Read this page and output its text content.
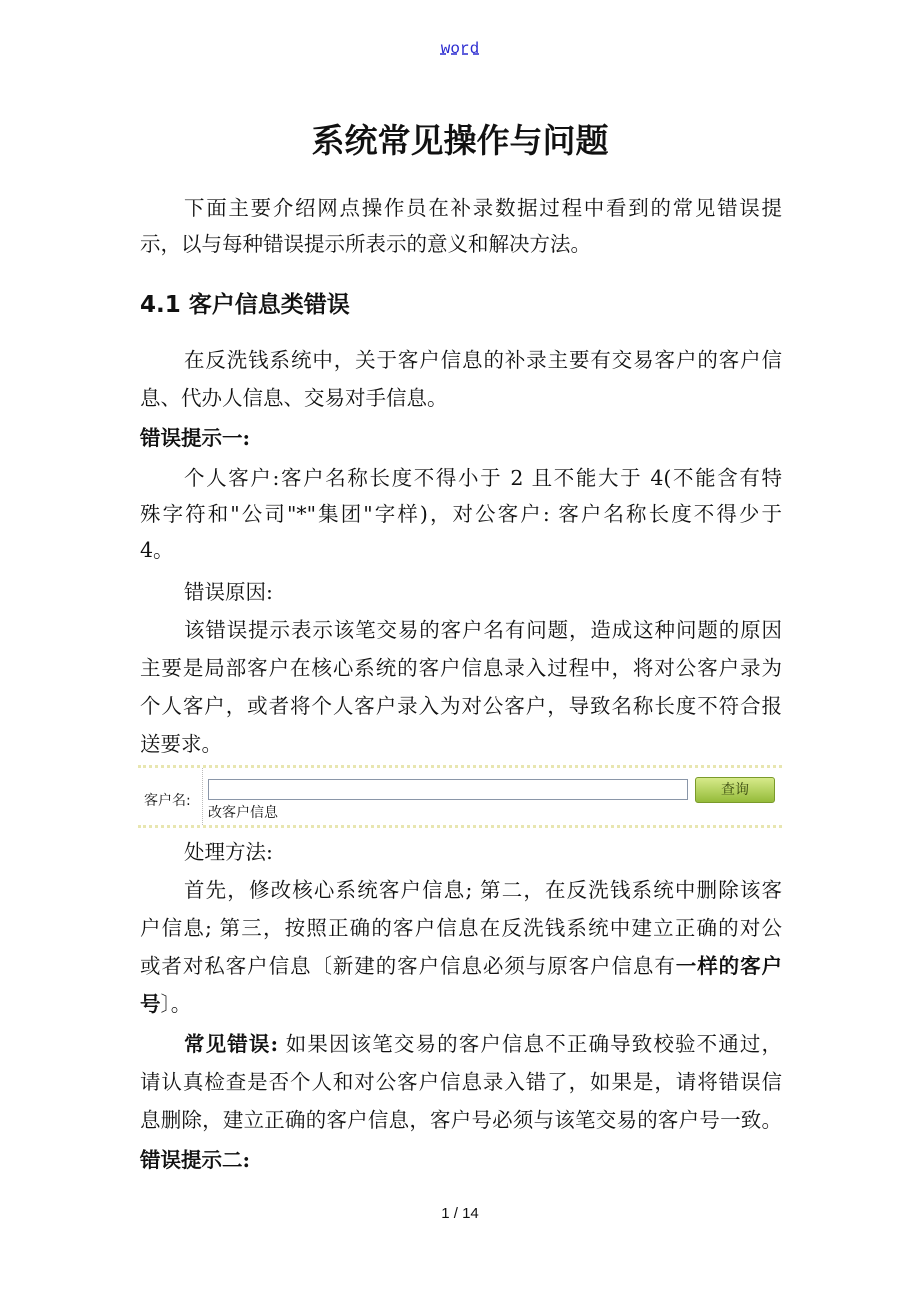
word
系统常见操作与问题
下面主要介绍网点操作员在补录数据过程中看到的常见错误提
示，以与每种错误提示所表示的意义和解决方法。
4.1 客户信息类错误
在反洗钱系统中，关于客户信息的补录主要有交易客户的客户信
息、代办人信息、交易对手信息。
错误提示一:
个人客户:客户名称长度不得小于 2 且不能大于 4(不能含有特
殊字符和"公司"*"集团"字样)，对公客户: 客户名称长度不得少于
4。
错误原因:
该错误提示表示该笔交易的客户名有问题，造成这种问题的原因
主要是局部客户在核心系统的客户信息录入过程中，将对公客户录为
个人客户，或者将个人客户录入为对公客户，导致名称长度不符合报
送要求。
客户名:
改客户信息
查询
处理方法:
首先，修改核心系统客户信息; 第二，在反洗钱系统中删除该客
户信息; 第三，按照正确的客户信息在反洗钱系统中建立正确的对公
或者对私客户信息〔新建的客户信息必须与原客户信息有一样的客户
号〕。
常见错误: 如果因该笔交易的客户信息不正确导致校验不通过，
请认真检查是否个人和对公客户信息录入错了，如果是，请将错误信
息删除，建立正确的客户信息，客户号必须与该笔交易的客户号一致。
错误提示二:
1 / 14
